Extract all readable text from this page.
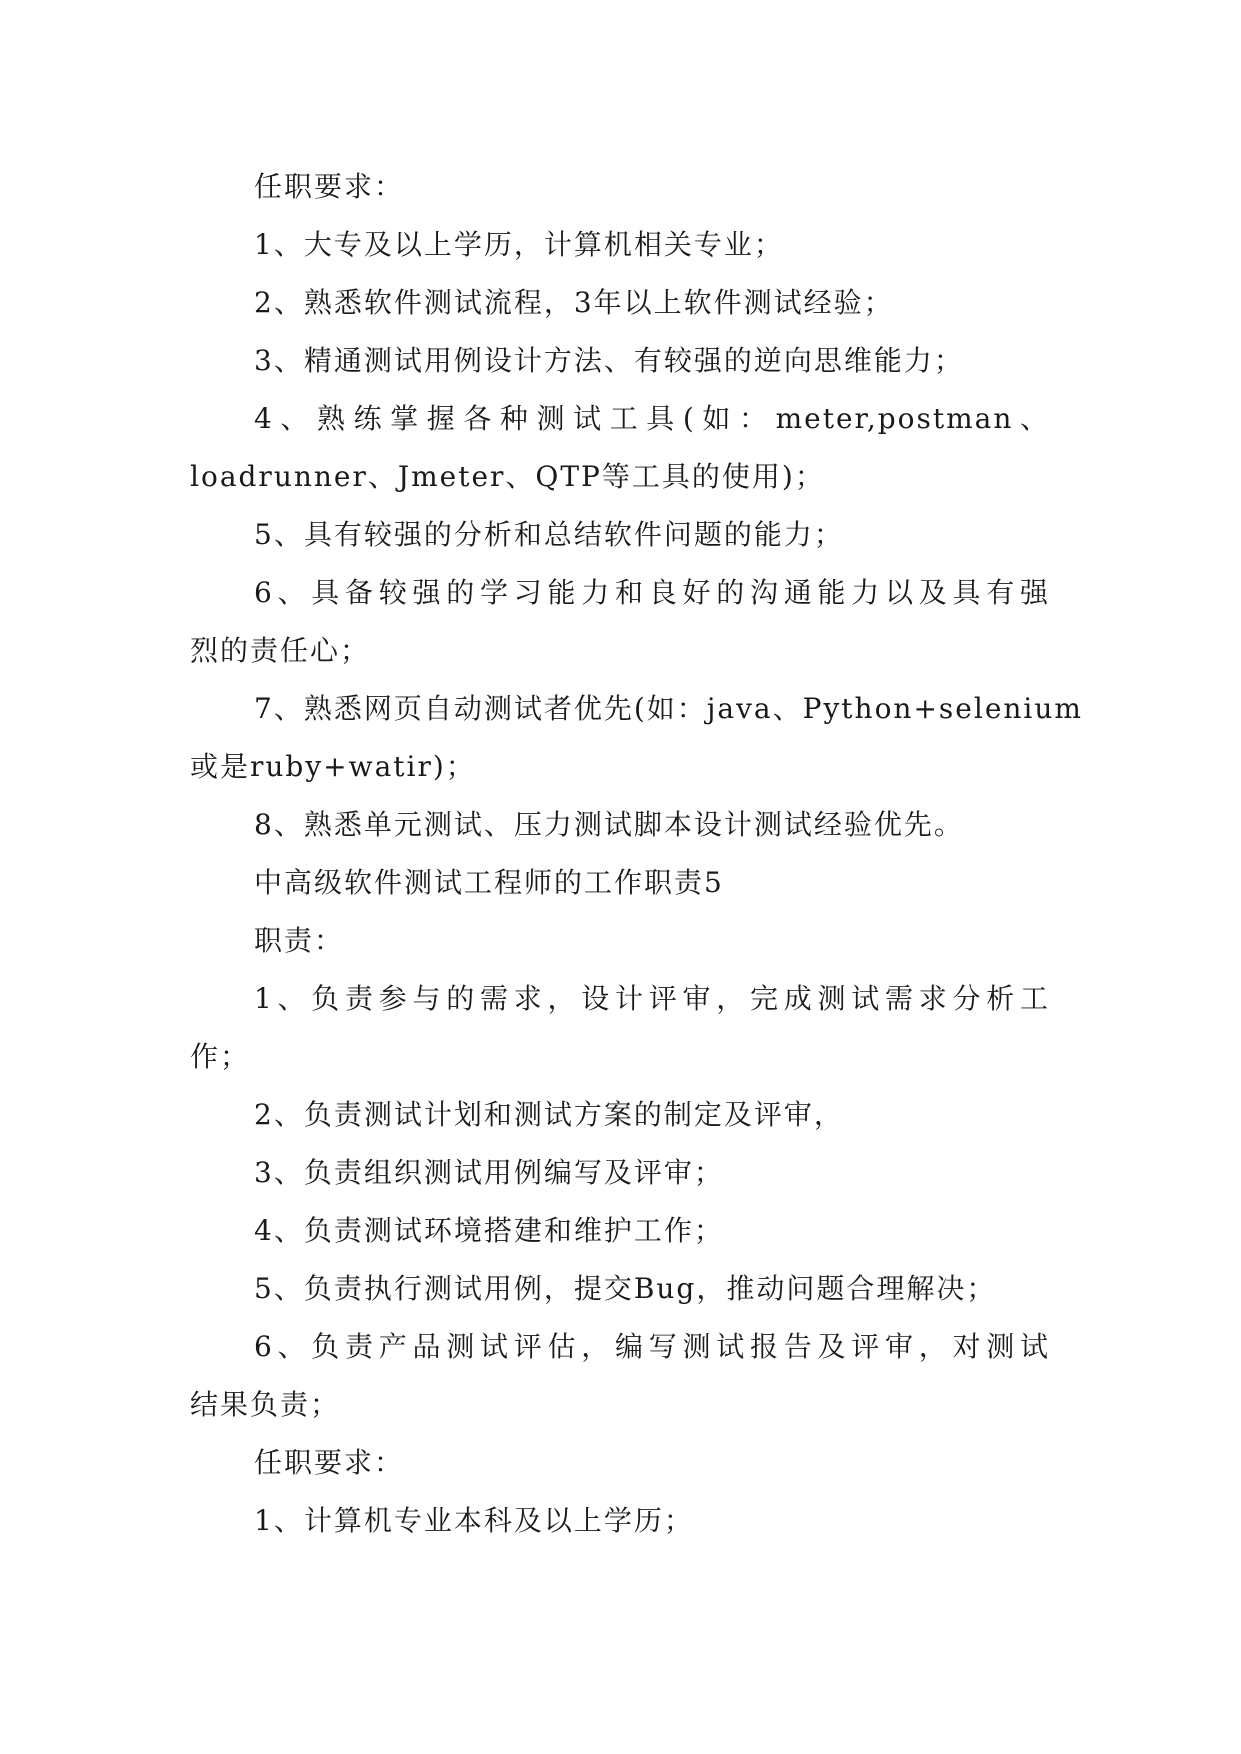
任职要求：
1、大专及以上学历，计算机相关专业；
2、熟悉软件测试流程，3年以上软件测试经验；
3、精通测试用例设计方法、有较强的逆向思维能力；
4、熟练掌握各种测试工具(如：meter,postman、
loadrunner、Jmeter、QTP等工具的使用)；
5、具有较强的分析和总结软件问题的能力；
6、具备较强的学习能力和良好的沟通能力以及具有强
烈的责任心；
7、熟悉网页自动测试者优先(如：java、Python+selenium
或是ruby+watir)；
8、熟悉单元测试、压力测试脚本设计测试经验优先。
中高级软件测试工程师的工作职责5
职责：
1、负责参与的需求，设计评审，完成测试需求分析工
作；
2、负责测试计划和测试方案的制定及评审，
3、负责组织测试用例编写及评审；
4、负责测试环境搭建和维护工作；
5、负责执行测试用例，提交Bug，推动问题合理解决；
6、负责产品测试评估，编写测试报告及评审，对测试
结果负责；
任职要求：
1、计算机专业本科及以上学历；
